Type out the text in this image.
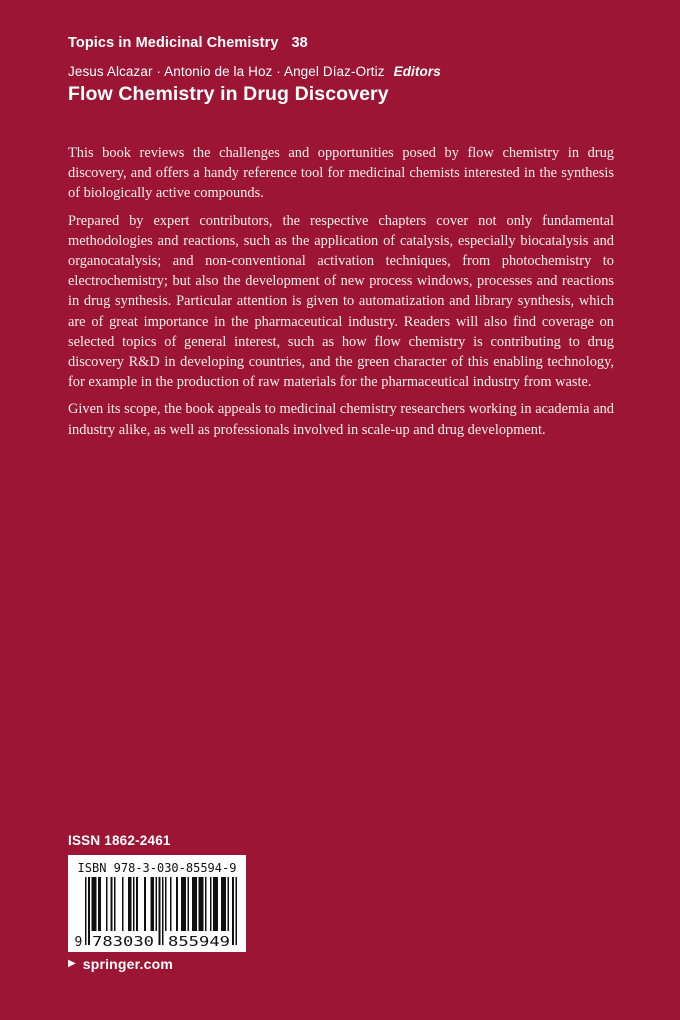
Topics in Medicinal Chemistry 38
Jesus Alcazar · Antonio de la Hoz · Angel Díaz-Ortiz Editors
Flow Chemistry in Drug Discovery

This book reviews the challenges and opportunities posed by flow chemistry in drug discovery, and offers a handy reference tool for medicinal chemists interested in the synthesis of biologically active compounds.

Prepared by expert contributors, the respective chapters cover not only fundamental methodologies and reactions, such as the application of catalysis, especially biocatalysis and organocatalysis; and non-conventional activation techniques, from photochemistry to electrochemistry; but also the development of new process windows, processes and reactions in drug synthesis. Particular attention is given to automatization and library synthesis, which are of great importance in the pharmaceutical industry. Readers will also find coverage on selected topics of general interest, such as how flow chemistry is contributing to drug discovery R&D in developing countries, and the green character of this enabling technology, for example in the production of raw materials for the pharmaceutical industry from waste.

Given its scope, the book appeals to medicinal chemistry researchers working in academia and industry alike, as well as professionals involved in scale-up and drug development.

ISSN 1862-2461
ISBN 978-3-030-85594-9
9 783030 855949
▶ springer.com
